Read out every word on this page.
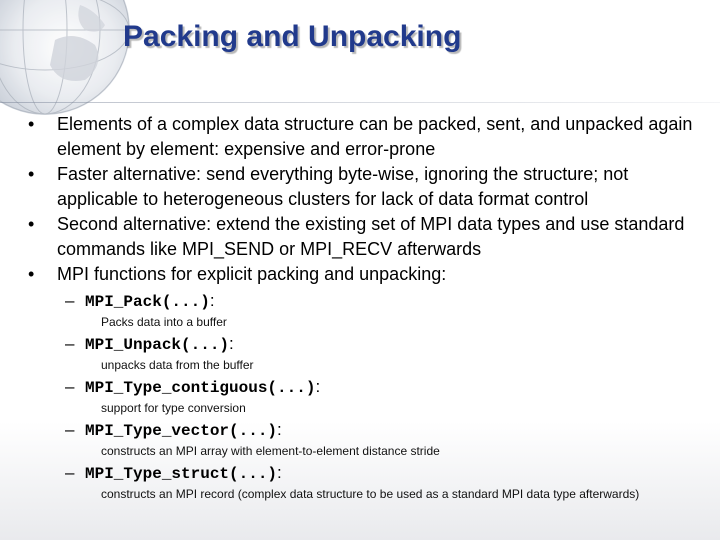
Packing and Unpacking
• Elements of a complex data structure can be packed, sent, and unpacked again element by element: expensive and error-prone
• Faster alternative: send everything byte-wise, ignoring the structure; not applicable to heterogeneous clusters for lack of data format control
• Second alternative: extend the existing set of MPI data types and use standard commands like MPI_SEND or MPI_RECV afterwards
• MPI functions for explicit packing and unpacking:
– MPI_Pack(...):
Packs data into a buffer
– MPI_Unpack(...):
unpacks data from the buffer
– MPI_Type_contiguous(...):
support for type conversion
– MPI_Type_vector(...):
constructs an MPI array with element-to-element distance stride
– MPI_Type_struct(...):
constructs an MPI record (complex data structure to be used as a standard MPI data type afterwards)
